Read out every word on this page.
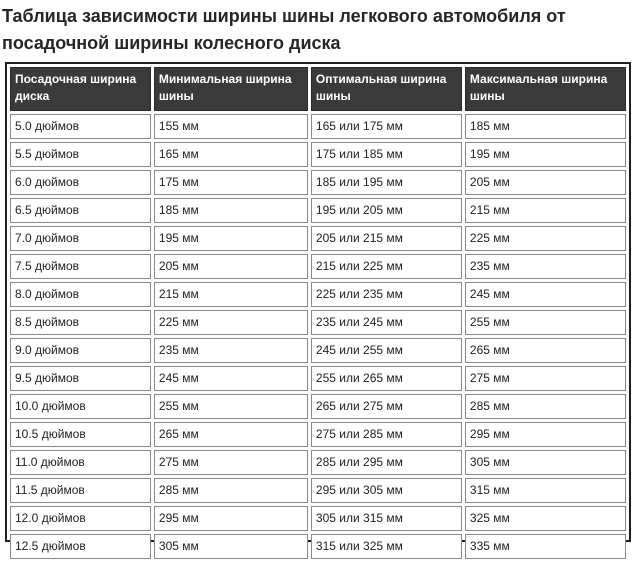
Таблица зависимости ширины шины легкового автомобиля от посадочной ширины колесного диска
Посадочная ширина диска	Минимальная ширина шины	Оптимальная ширина шины	Максимальная ширина шины
5.0 дюймов	155 мм	165 или 175 мм	185 мм
5.5 дюймов	165 мм	175 или 185 мм	195 мм
6.0 дюймов	175 мм	185 или 195 мм	205 мм
6.5 дюймов	185 мм	195 или 205 мм	215 мм
7.0 дюймов	195 мм	205 или 215 мм	225 мм
7.5 дюймов	205 мм	215 или 225 мм	235 мм
8.0 дюймов	215 мм	225 или 235 мм	245 мм
8.5 дюймов	225 мм	235 или 245 мм	255 мм
9.0 дюймов	235 мм	245 или 255 мм	265 мм
9.5 дюймов	245 мм	255 или 265 мм	275 мм
10.0 дюймов	255 мм	265 или 275 мм	285 мм
10.5 дюймов	265 мм	275 или 285 мм	295 мм
11.0 дюймов	275 мм	285 или 295 мм	305 мм
11.5 дюймов	285 мм	295 или 305 мм	315 мм
12.0 дюймов	295 мм	305 или 315 мм	325 мм
12.5 дюймов	305 мм	315 или 325 мм	335 мм
